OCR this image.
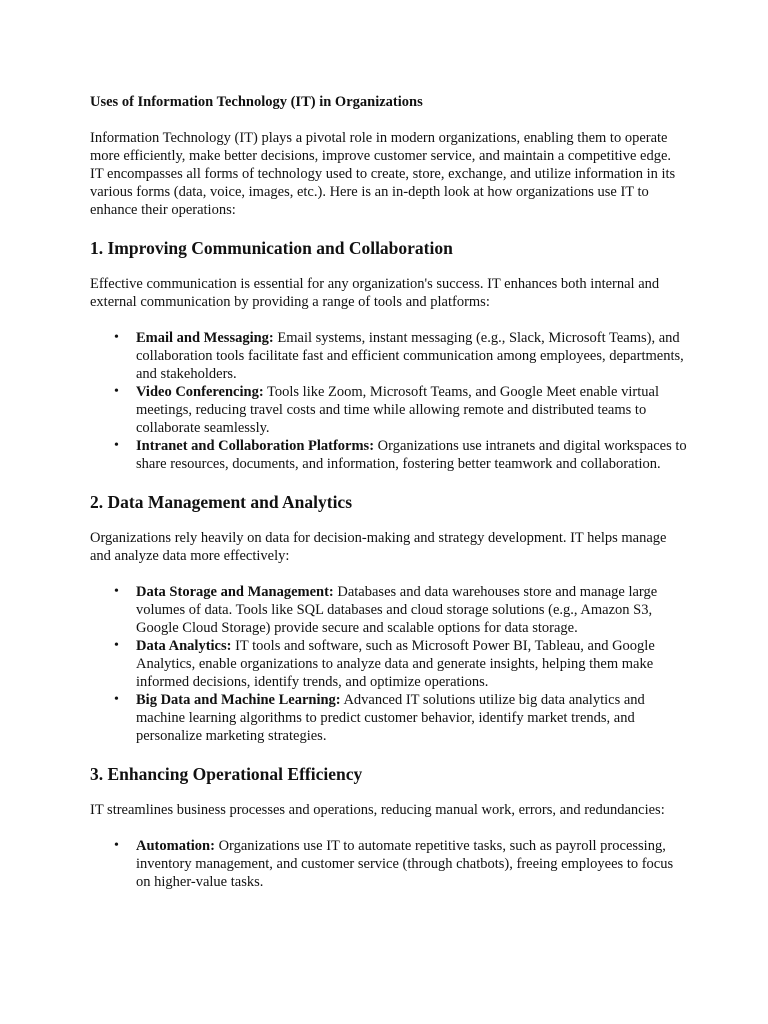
Uses of Information Technology (IT) in Organizations

Information Technology (IT) plays a pivotal role in modern organizations, enabling them to operate more efficiently, make better decisions, improve customer service, and maintain a competitive edge. IT encompasses all forms of technology used to create, store, exchange, and utilize information in its various forms (data, voice, images, etc.). Here is an in-depth look at how organizations use IT to enhance their operations:

1. Improving Communication and Collaboration

Effective communication is essential for any organization's success. IT enhances both internal and external communication by providing a range of tools and platforms:

• Email and Messaging: Email systems, instant messaging (e.g., Slack, Microsoft Teams), and collaboration tools facilitate fast and efficient communication among employees, departments, and stakeholders.
• Video Conferencing: Tools like Zoom, Microsoft Teams, and Google Meet enable virtual meetings, reducing travel costs and time while allowing remote and distributed teams to collaborate seamlessly.
• Intranet and Collaboration Platforms: Organizations use intranets and digital workspaces to share resources, documents, and information, fostering better teamwork and collaboration.
2. Data Management and Analytics

Organizations rely heavily on data for decision-making and strategy development. IT helps manage and analyze data more effectively:

• Data Storage and Management: Databases and data warehouses store and manage large volumes of data. Tools like SQL databases and cloud storage solutions (e.g., Amazon S3, Google Cloud Storage) provide secure and scalable options for data storage.
• Data Analytics: IT tools and software, such as Microsoft Power BI, Tableau, and Google Analytics, enable organizations to analyze data and generate insights, helping them make informed decisions, identify trends, and optimize operations.
• Big Data and Machine Learning: Advanced IT solutions utilize big data analytics and machine learning algorithms to predict customer behavior, identify market trends, and personalize marketing strategies.
3. Enhancing Operational Efficiency

IT streamlines business processes and operations, reducing manual work, errors, and redundancies:

• Automation: Organizations use IT to automate repetitive tasks, such as payroll processing, inventory management, and customer service (through chatbots), freeing employees to focus on higher-value tasks.
